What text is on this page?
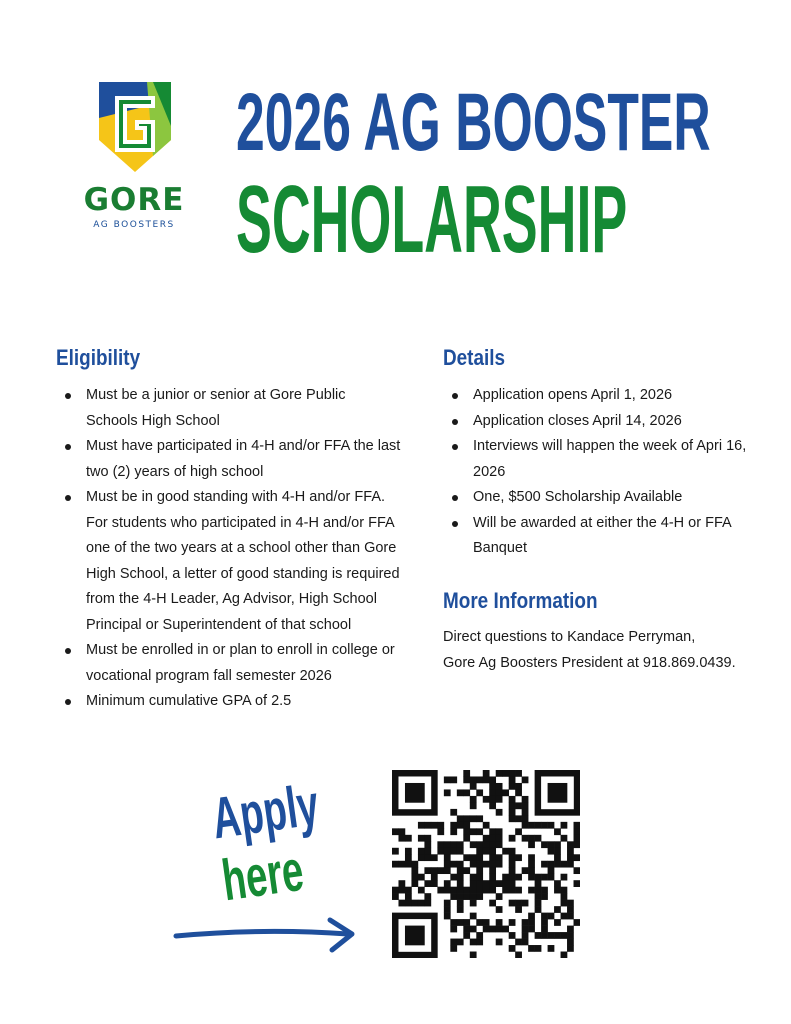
GORE
AG BOOSTERS
2026 AG BOOSTER
SCHOLARSHIP
Eligibility
Must be a junior or senior at Gore Public Schools High School
Must have participated in 4-H and/or FFA the last two (2) years of high school
Must be in good standing with 4-H and/or FFA. For students who participated in 4-H and/or FFA one of the two years at a school other than Gore High School, a letter of good standing is required from the 4-H Leader, Ag Advisor, High School Principal or Superintendent of that school
Must be enrolled in or plan to enroll in college or vocational program fall semester 2026
Minimum cumulative GPA of 2.5
Details
Application opens April 1, 2026
Application closes April 14, 2026
Interviews will happen the week of Apri 16, 2026
One, $500 Scholarship Available
Will be awarded at either the 4-H or FFA Banquet
More Information
Direct questions to Kandace Perryman,
Gore Ag Boosters President at 918.869.0439.
Apply
here
